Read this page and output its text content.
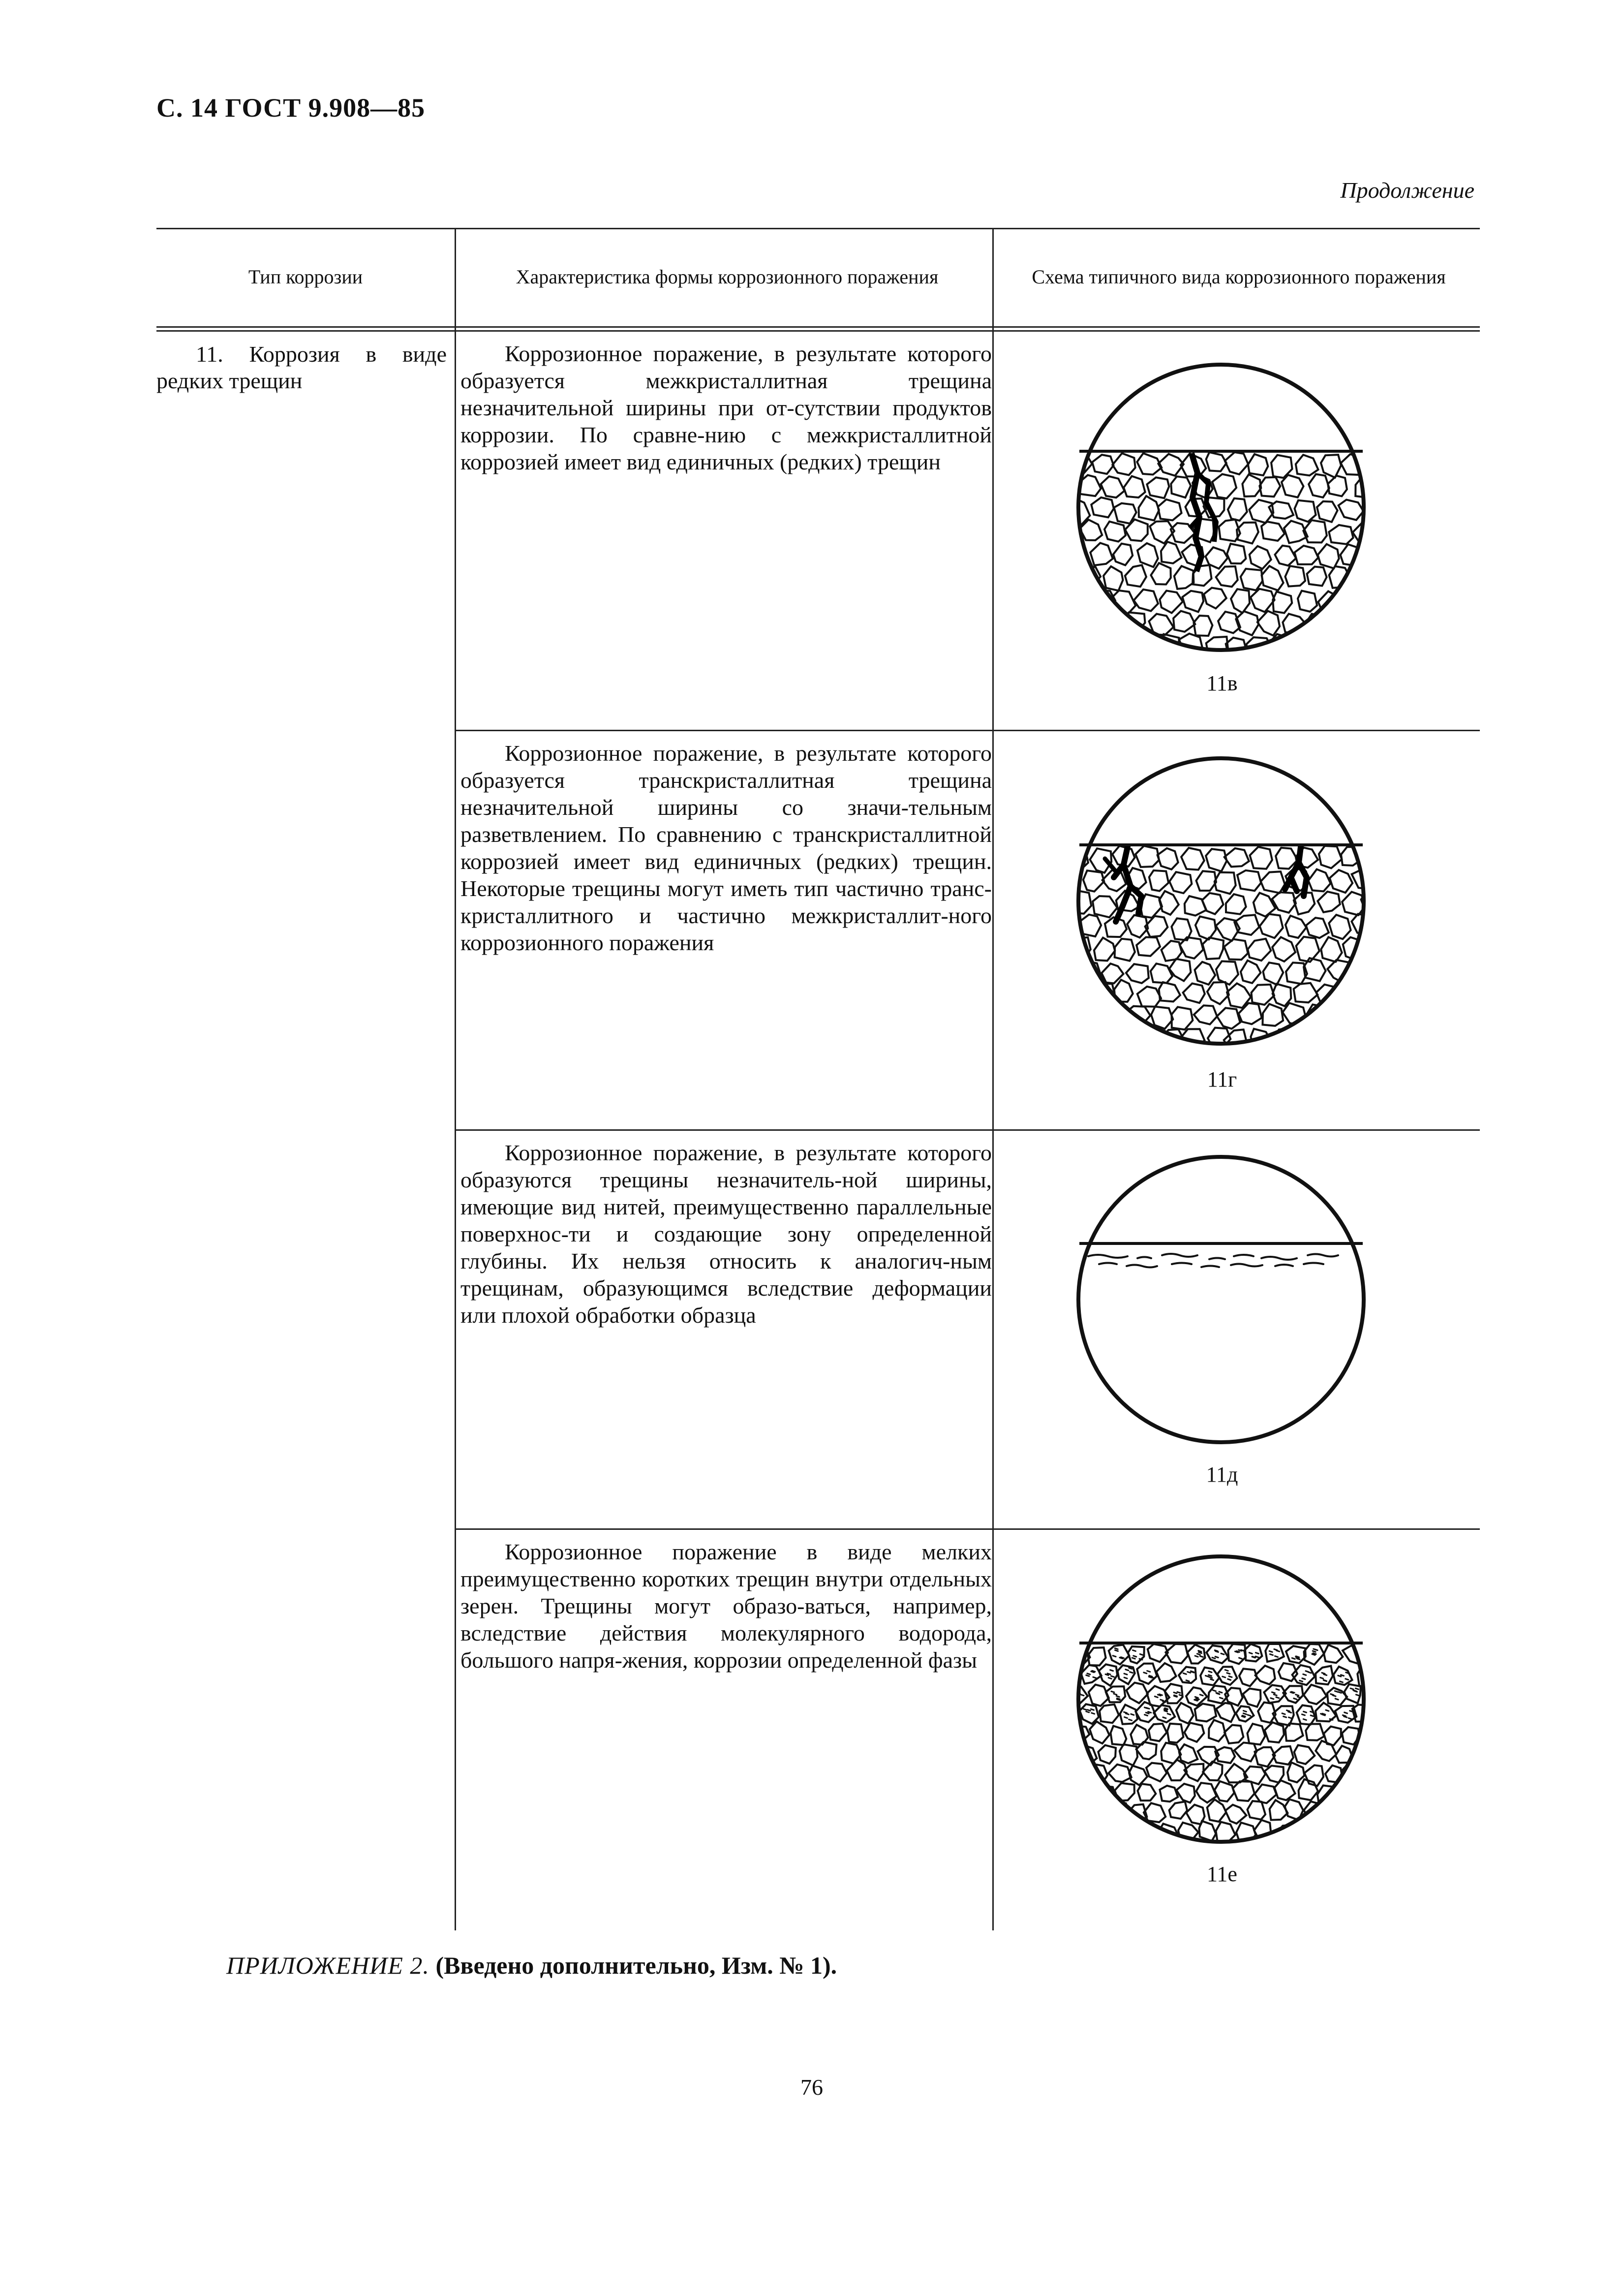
С. 14 ГОСТ 9.908—85
Продолжение
Тип коррозии	Характеристика формы коррозионного поражения	Схема типичного вида коррозионного поражения
11. Коррозия в виде редких трещин
Коррозионное поражение, в результате которого образуется межкристаллитная трещина незначительной ширины при от-сутствии продуктов коррозии. По сравне-нию с межкристаллитной коррозией имеет вид единичных (редких) трещин
Коррозионное поражение, в результате которого образуется транскристаллитная трещина незначительной ширины со значи-тельным разветвлением. По сравнению с транскристаллитной коррозией имеет вид единичных (редких) трещин. Некоторые трещины могут иметь тип частично транс-кристаллитного и частично межкристаллит-ного коррозионного поражения
Коррозионное поражение, в результате которого образуются трещины незначитель-ной ширины, имеющие вид нитей, преимущественно параллельные поверхнос-ти и создающие зону определенной глубины. Их нельзя относить к аналогич-ным трещинам, образующимся вследствие деформации или плохой обработки образца
Коррозионное поражение в виде мелких преимущественно коротких трещин внутри отдельных зерен. Трещины могут образо-ваться, например, вследствие действия молекулярного водорода, большого напря-жения, коррозии определенной фазы
11в
11г
11д
11е
ПРИЛОЖЕНИЕ 2. (Введено дополнительно, Изм. № 1).
76
